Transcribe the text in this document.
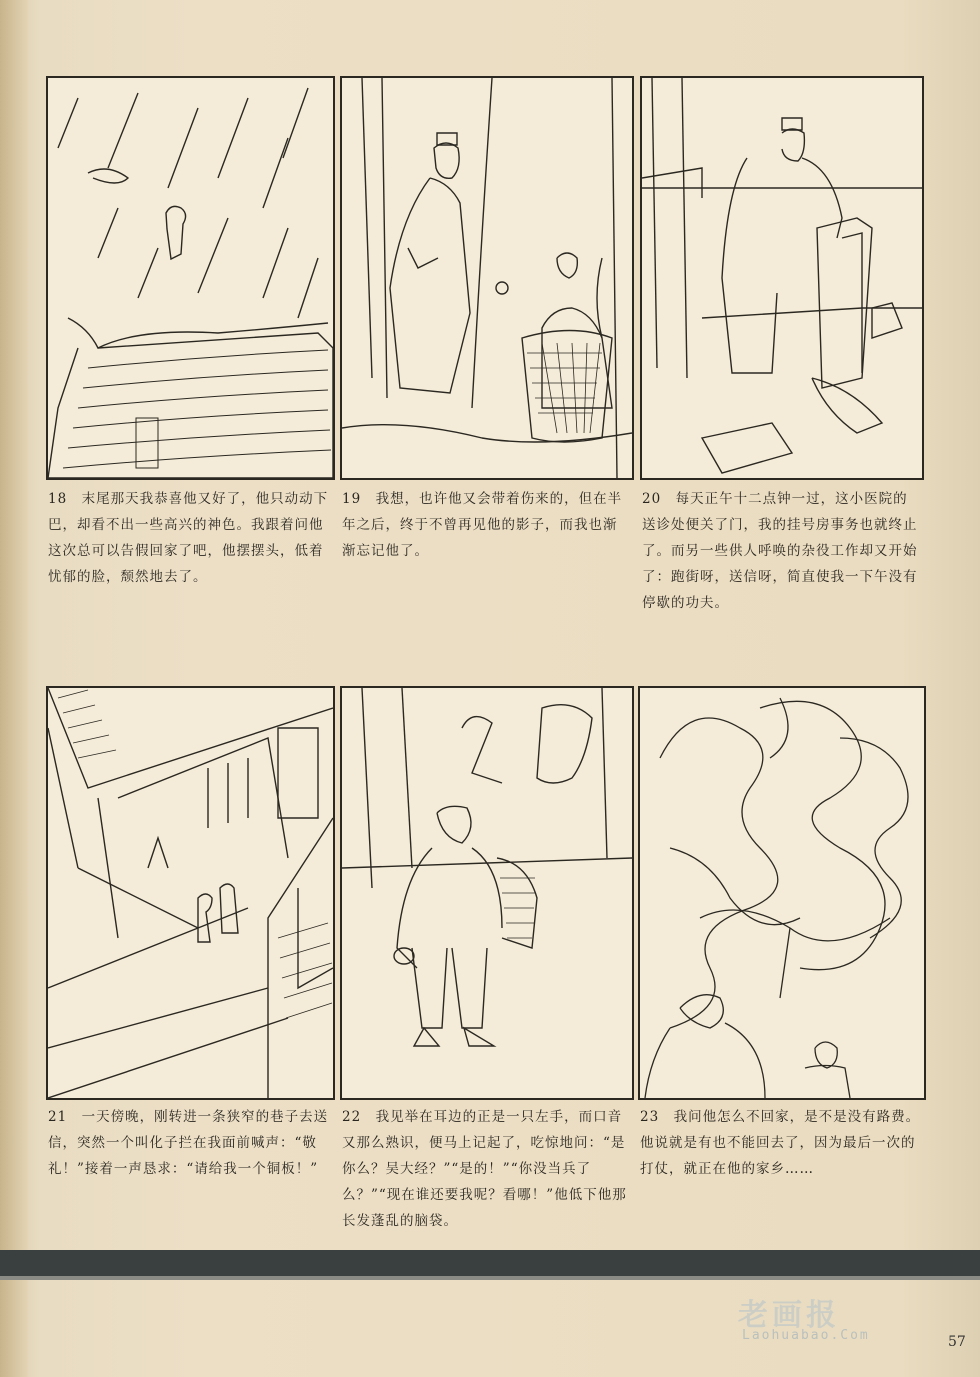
18　末尾那天我恭喜他又好了，他只动动下巴，却看不出一些高兴的神色。我跟着问他这次总可以告假回家了吧，他摆摆头，低着忧郁的脸，颓然地去了。
19　我想，也许他又会带着伤来的，但在半年之后，终于不曾再见他的影子，而我也渐渐忘记他了。
20　每天正午十二点钟一过，这小医院的送诊处便关了门，我的挂号房事务也就终止了。而另一些供人呼唤的杂役工作却又开始了：跑街呀，送信呀，简直使我一下午没有停歇的功夫。
21　一天傍晚，刚转进一条狭窄的巷子去送信，突然一个叫化子拦在我面前喊声：“敬礼！”接着一声恳求：“请给我一个铜板！”
22　我见举在耳边的正是一只左手，而口音又那么熟识，便马上记起了，吃惊地问：“是你么？吴大经？”“是的！”“你没当兵了么？”“现在谁还要我呢？看哪！”他低下他那长发蓬乱的脑袋。
23　我问他怎么不回家，是不是没有路费。他说就是有也不能回去了，因为最后一次的打仗，就正在他的家乡……
老画报
Laohuabao.Com	57
